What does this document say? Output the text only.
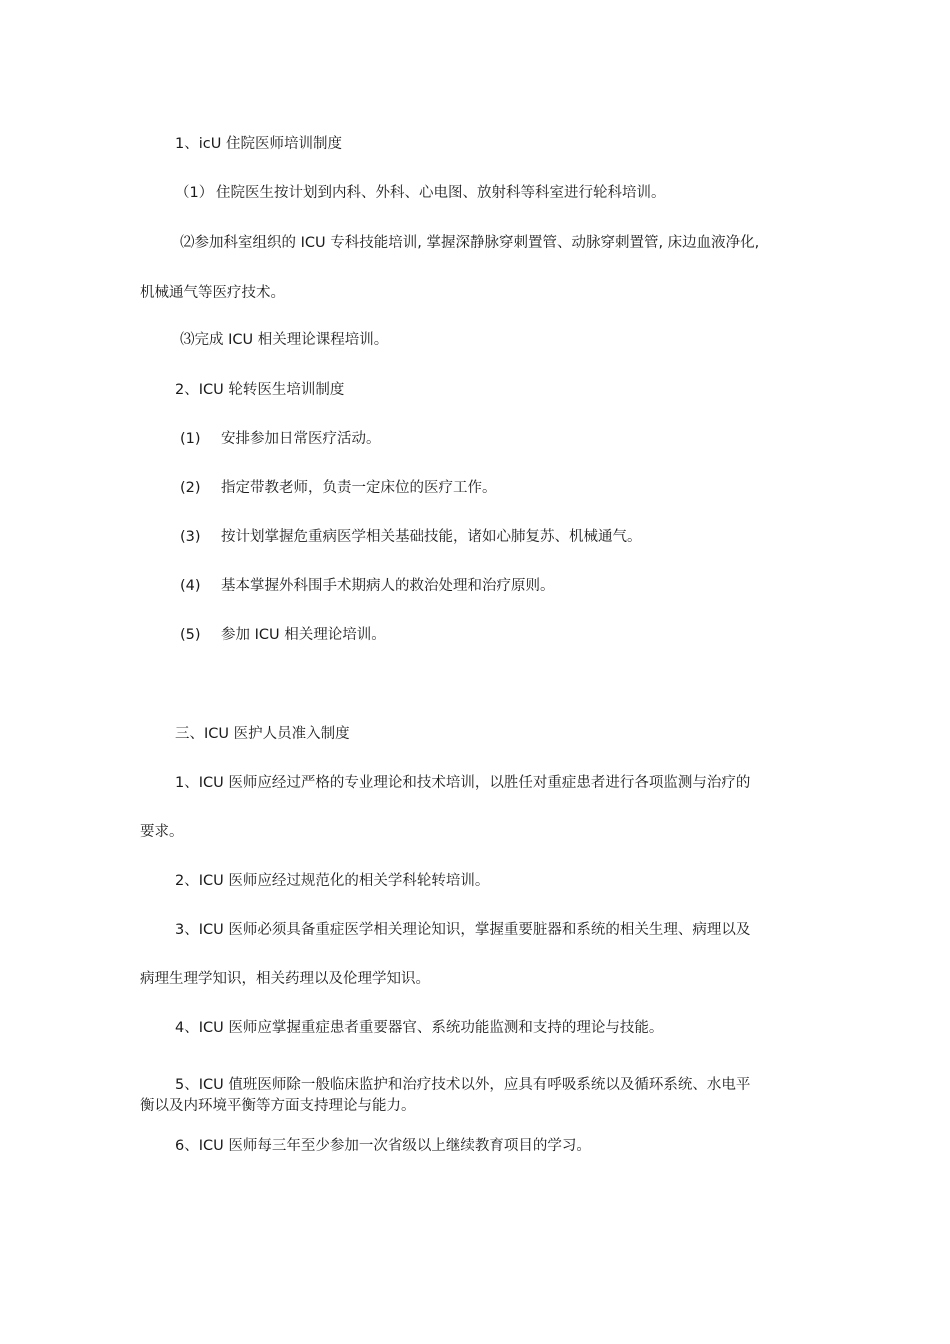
1、icU 住院医师培训制度
（1） 住院医生按计划到内科、外科、心电图、放射科等科室进行轮科培训。
⑵参加科室组织的 ICU 专科技能培训, 掌握深静脉穿刺置管、动脉穿刺置管, 床边血液净化,
机械通气等医疗技术。
⑶完成 ICU 相关理论课程培训。
2、ICU 轮转医生培训制度
(1) 安排参加日常医疗活动。
(2) 指定带教老师，负责一定床位的医疗工作。
(3) 按计划掌握危重病医学相关基础技能，诸如心肺复苏、机械通气。
(4) 基本掌握外科围手术期病人的救治处理和治疗原则。
(5) 参加 ICU 相关理论培训。
三、ICU 医护人员准入制度
1、ICU 医师应经过严格的专业理论和技术培训，以胜任对重症患者进行各项监测与治疗的
要求。
2、ICU 医师应经过规范化的相关学科轮转培训。
3、ICU 医师必须具备重症医学相关理论知识，掌握重要脏器和系统的相关生理、病理以及
病理生理学知识，相关药理以及伦理学知识。
4、ICU 医师应掌握重症患者重要器官、系统功能监测和支持的理论与技能。
5、ICU 值班医师除一般临床监护和治疗技术以外，应具有呼吸系统以及循环系统、水电平
衡以及内环境平衡等方面支持理论与能力。
6、ICU 医师每三年至少参加一次省级以上继续教育项目的学习。
